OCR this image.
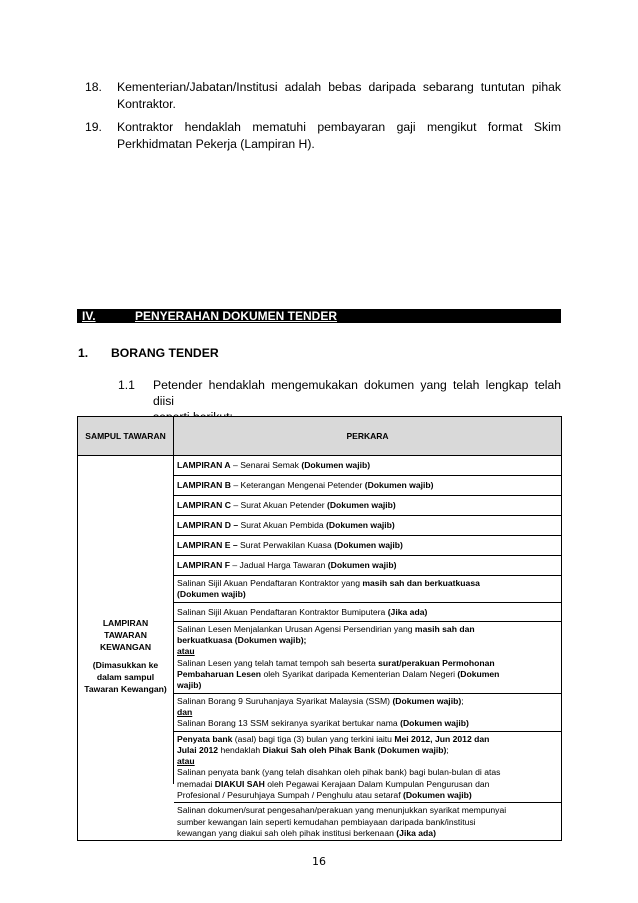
18. Kementerian/Jabatan/Institusi adalah bebas daripada sebarang tuntutan pihak
Kontraktor.
19. Kontraktor hendaklah mematuhi pembayaran gaji mengikut format Skim
Perkhidmatan Pekerja (Lampiran H).
IV.	PENYERAHAN DOKUMEN TENDER
1. BORANG TENDER
1.1 Petender hendaklah mengemukakan dokumen yang telah lengkap telah diisi
SAMPUL TAWARAN	PERKARA
LAMPIRAN
TAWARAN
KEWANGAN
(Dimasukkan ke
dalam sampul
Tawaran Kewangan)
LAMPIRAN A – Senarai Semak (Dokumen wajib)
LAMPIRAN B – Keterangan Mengenai Petender (Dokumen wajib)
LAMPIRAN C – Surat Akuan Petender (Dokumen wajib)
LAMPIRAN D – Surat Akuan Pembida (Dokumen wajib)
LAMPIRAN E – Surat Perwakilan Kuasa (Dokumen wajib)
LAMPIRAN F – Jadual Harga Tawaran (Dokumen wajib)
Salinan Sijil Akuan Pendaftaran Kontraktor yang masih sah dan berkuatkuasa
(Dokumen wajib)
Salinan Sijil Akuan Pendaftaran Kontraktor Bumiputera (Jika ada)
Salinan Lesen Menjalankan Urusan Agensi Persendirian yang masih sah dan
berkuatkuasa (Dokumen wajib);
atau
Salinan Lesen yang telah tamat tempoh sah beserta surat/perakuan Permohonan
Pembaharuan Lesen oleh Syarikat daripada Kementerian Dalam Negeri (Dokumen
wajib)
Salinan Borang 9 Suruhanjaya Syarikat Malaysia (SSM) (Dokumen wajib);
dan
Salinan Borang 13 SSM sekiranya syarikat bertukar nama (Dokumen wajib)
Penyata bank (asal) bagi tiga (3) bulan yang terkini iaitu Mei 2012, Jun 2012 dan
Julai 2012 hendaklah Diakui Sah oleh Pihak Bank (Dokumen wajib);
atau
Salinan penyata bank (yang telah disahkan oleh pihak bank) bagi bulan-bulan di atas
memadai DIAKUI SAH oleh Pegawai Kerajaan Dalam Kumpulan Pengurusan dan
Profesional / Pesuruhjaya Sumpah / Penghulu atau setaraf (Dokumen wajib)
Salinan dokumen/surat pengesahan/perakuan yang menunjukkan syarikat mempunyai
sumber kewangan lain seperti kemudahan pembiayaan daripada bank/institusi
kewangan yang diakui sah oleh pihak institusi berkenaan (Jika ada)
16
